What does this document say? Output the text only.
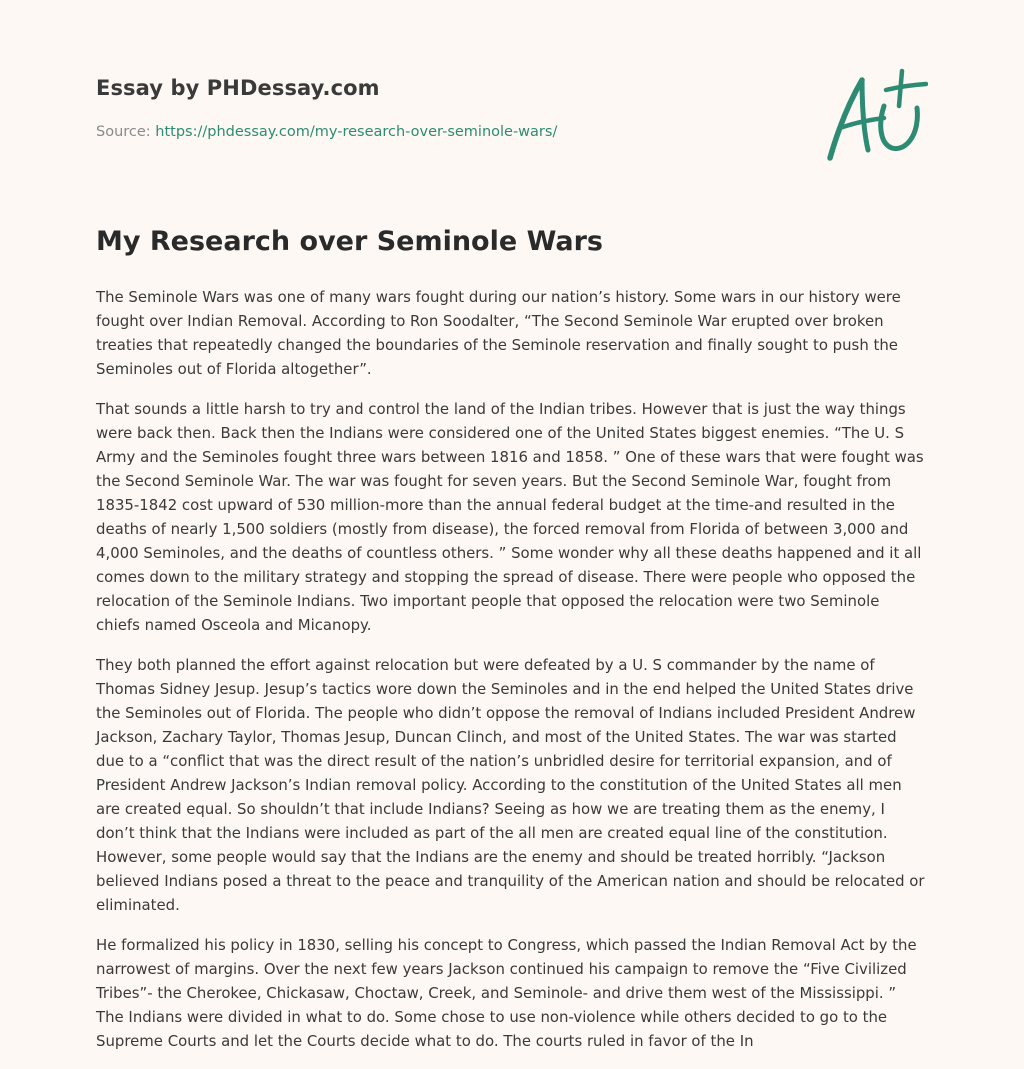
Essay by PHDessay.com
Source: https://phdessay.com/my-research-over-seminole-wars/
My Research over Seminole Wars

The Seminole Wars was one of many wars fought during our nation’s history. Some wars in our history were fought over Indian Removal. According to Ron Soodalter, “The Second Seminole War erupted over broken treaties that repeatedly changed the boundaries of the Seminole reservation and finally sought to push the Seminoles out of Florida altogether”.

That sounds a little harsh to try and control the land of the Indian tribes. However that is just the way things were back then. Back then the Indians were considered one of the United States biggest enemies. “The U. S Army and the Seminoles fought three wars between 1816 and 1858. ” One of these wars that were fought was the Second Seminole War. The war was fought for seven years. But the Second Seminole War, fought from 1835-1842 cost upward of 530 million-more than the annual federal budget at the time-and resulted in the deaths of nearly 1,500 soldiers (mostly from disease), the forced removal from Florida of between 3,000 and 4,000 Seminoles, and the deaths of countless others. ” Some wonder why all these deaths happened and it all comes down to the military strategy and stopping the spread of disease. There were people who opposed the relocation of the Seminole Indians. Two important people that opposed the relocation were two Seminole chiefs named Osceola and Micanopy.

They both planned the effort against relocation but were defeated by a U. S commander by the name of Thomas Sidney Jesup. Jesup’s tactics wore down the Seminoles and in the end helped the United States drive the Seminoles out of Florida. The people who didn’t oppose the removal of Indians included President Andrew Jackson, Zachary Taylor, Thomas Jesup, Duncan Clinch, and most of the United States. The war was started due to a “conflict that was the direct result of the nation’s unbridled desire for territorial expansion, and of President Andrew Jackson’s Indian removal policy. According to the constitution of the United States all men are created equal. So shouldn’t that include Indians? Seeing as how we are treating them as the enemy, I don’t think that the Indians were included as part of the all men are created equal line of the constitution. However, some people would say that the Indians are the enemy and should be treated horribly. “Jackson believed Indians posed a threat to the peace and tranquility of the American nation and should be relocated or eliminated.

He formalized his policy in 1830, selling his concept to Congress, which passed the Indian Removal Act by the narrowest of margins. Over the next few years Jackson continued his campaign to remove the “Five Civilized Tribes”- the Cherokee, Chickasaw, Choctaw, Creek, and Seminole- and drive them west of the Mississippi. ” The Indians were divided in what to do. Some chose to use non-violence while others decided to go to the Supreme Courts and let the Courts decide what to do. The courts ruled in favor of the In
